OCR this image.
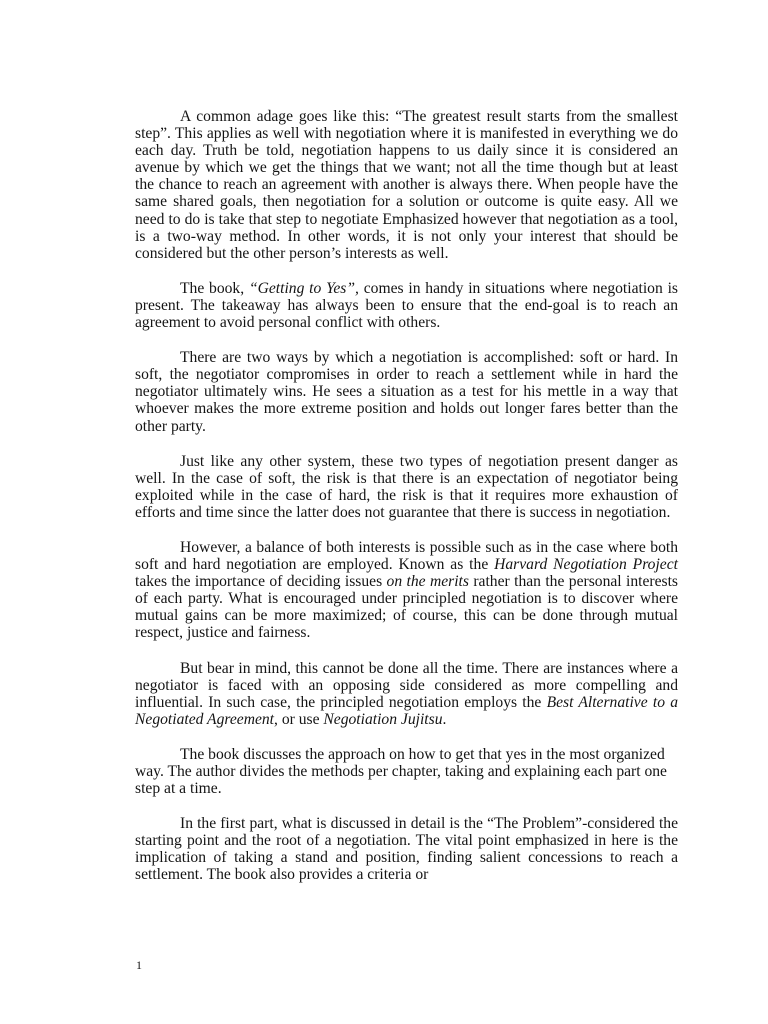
A common adage goes like this: “The greatest result starts from the smallest step”. This applies as well with negotiation where it is manifested in everything we do each day. Truth be told, negotiation happens to us daily since it is considered an avenue by which we get the things that we want; not all the time though but at least the chance to reach an agreement with another is always there. When people have the same shared goals, then negotiation for a solution or outcome is quite easy. All we need to do is take that step to negotiate Emphasized however that negotiation as a tool, is a two-way method. In other words, it is not only your interest that should be considered but the other person’s interests as well.

The book, “Getting to Yes”, comes in handy in situations where negotiation is present. The takeaway has always been to ensure that the end-goal is to reach an agreement to avoid personal conflict with others.

There are two ways by which a negotiation is accomplished: soft or hard. In soft, the negotiator compromises in order to reach a settlement while in hard the negotiator ultimately wins. He sees a situation as a test for his mettle in a way that whoever makes the more extreme position and holds out longer fares better than the other party.

Just like any other system, these two types of negotiation present danger as well. In the case of soft, the risk is that there is an expectation of negotiator being exploited while in the case of hard, the risk is that it requires more exhaustion of efforts and time since the latter does not guarantee that there is success in negotiation.

However, a balance of both interests is possible such as in the case where both soft and hard negotiation are employed. Known as the Harvard Negotiation Project takes the importance of deciding issues on the merits rather than the personal interests of each party. What is encouraged under principled negotiation is to discover where mutual gains can be more maximized; of course, this can be done through mutual respect, justice and fairness.

But bear in mind, this cannot be done all the time. There are instances where a negotiator is faced with an opposing side considered as more compelling and influential. In such case, the principled negotiation employs the Best Alternative to a Negotiated Agreement, or use Negotiation Jujitsu.

The book discusses the approach on how to get that yes in the most organized way. The author divides the methods per chapter, taking and explaining each part one step at a time.

In the first part, what is discussed in detail is the “The Problem”-considered the starting point and the root of a negotiation. The vital point emphasized in here is the implication of taking a stand and position, finding salient concessions to reach a settlement. The book also provides a criteria or

1
